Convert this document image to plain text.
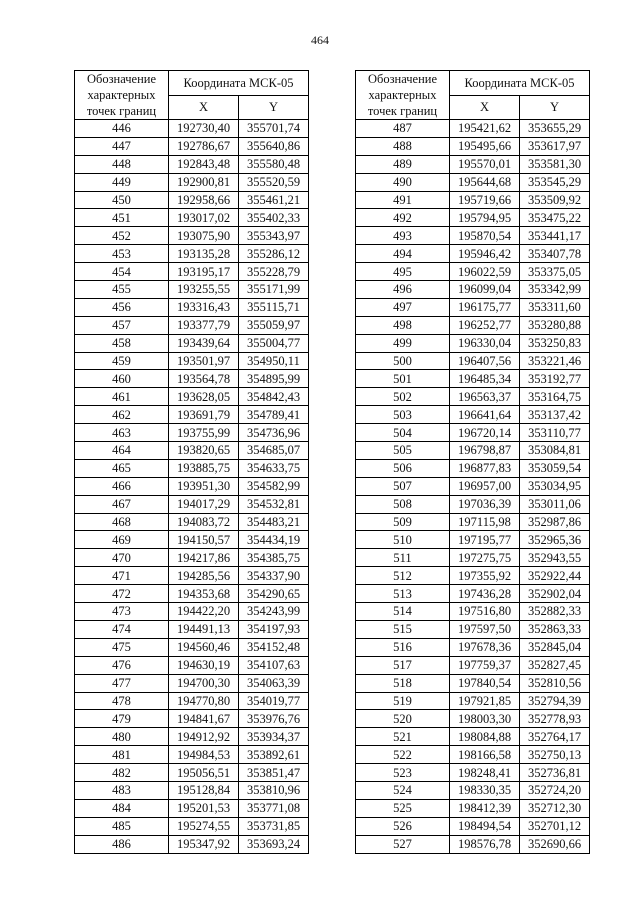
464
Обозначение характерных точек границ	Координата МСК-05	
	X	Y
446	192730,40	355701,74
447	192786,67	355640,86
448	192843,48	355580,48
449	192900,81	355520,59
450	192958,66	355461,21
451	193017,02	355402,33
452	193075,90	355343,97
453	193135,28	355286,12
454	193195,17	355228,79
455	193255,55	355171,99
456	193316,43	355115,71
457	193377,79	355059,97
458	193439,64	355004,77
459	193501,97	354950,11
460	193564,78	354895,99
461	193628,05	354842,43
462	193691,79	354789,41
463	193755,99	354736,96
464	193820,65	354685,07
465	193885,75	354633,75
466	193951,30	354582,99
467	194017,29	354532,81
468	194083,72	354483,21
469	194150,57	354434,19
470	194217,86	354385,75
471	194285,56	354337,90
472	194353,68	354290,65
473	194422,20	354243,99
474	194491,13	354197,93
475	194560,46	354152,48
476	194630,19	354107,63
477	194700,30	354063,39
478	194770,80	354019,77
479	194841,67	353976,76
480	194912,92	353934,37
481	194984,53	353892,61
482	195056,51	353851,47
483	195128,84	353810,96
484	195201,53	353771,08
485	195274,55	353731,85
486	195347,92	353693,24
Обозначение характерных точек границ	Координата МСК-05	
	X	Y
487	195421,62	353655,29
488	195495,66	353617,97
489	195570,01	353581,30
490	195644,68	353545,29
491	195719,66	353509,92
492	195794,95	353475,22
493	195870,54	353441,17
494	195946,42	353407,78
495	196022,59	353375,05
496	196099,04	353342,99
497	196175,77	353311,60
498	196252,77	353280,88
499	196330,04	353250,83
500	196407,56	353221,46
501	196485,34	353192,77
502	196563,37	353164,75
503	196641,64	353137,42
504	196720,14	353110,77
505	196798,87	353084,81
506	196877,83	353059,54
507	196957,00	353034,95
508	197036,39	353011,06
509	197115,98	352987,86
510	197195,77	352965,36
511	197275,75	352943,55
512	197355,92	352922,44
513	197436,28	352902,04
514	197516,80	352882,33
515	197597,50	352863,33
516	197678,36	352845,04
517	197759,37	352827,45
518	197840,54	352810,56
519	197921,85	352794,39
520	198003,30	352778,93
521	198084,88	352764,17
522	198166,58	352750,13
523	198248,41	352736,81
524	198330,35	352724,20
525	198412,39	352712,30
526	198494,54	352701,12
527	198576,78	352690,66
